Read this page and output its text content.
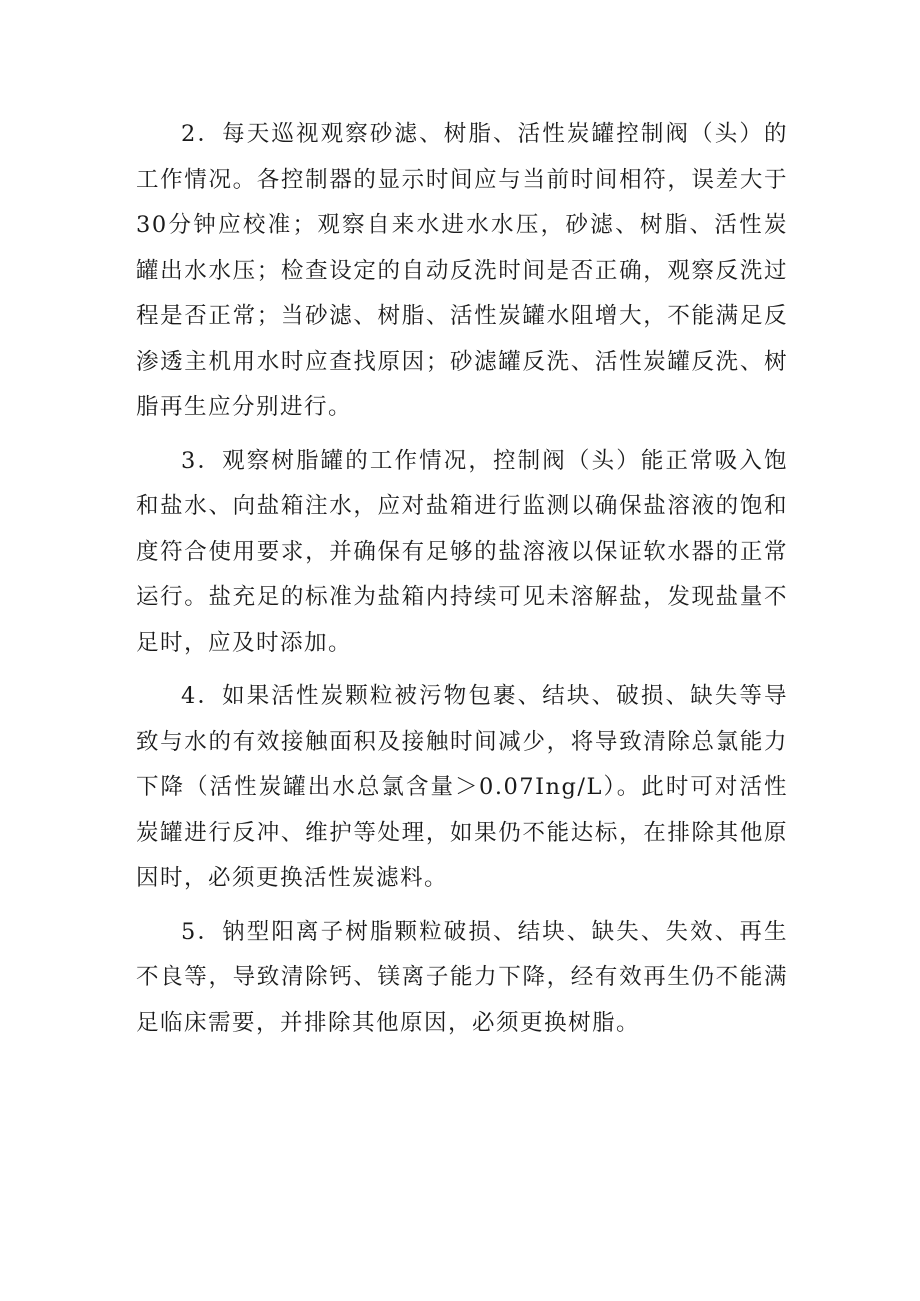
2．每天巡视观察砂滤、树脂、活性炭罐控制阀（头）的工作情况。各控制器的显示时间应与当前时间相符，误差大于30分钟应校准；观察自来水进水水压，砂滤、树脂、活性炭罐出水水压；检查设定的自动反洗时间是否正确，观察反洗过程是否正常；当砂滤、树脂、活性炭罐水阻增大，不能满足反渗透主机用水时应查找原因；砂滤罐反洗、活性炭罐反洗、树脂再生应分别进行。

3．观察树脂罐的工作情况，控制阀（头）能正常吸入饱和盐水、向盐箱注水，应对盐箱进行监测以确保盐溶液的饱和度符合使用要求，并确保有足够的盐溶液以保证软水器的正常运行。盐充足的标准为盐箱内持续可见未溶解盐，发现盐量不足时，应及时添加。

4．如果活性炭颗粒被污物包裹、结块、破损、缺失等导致与水的有效接触面积及接触时间减少，将导致清除总氯能力下降（活性炭罐出水总氯含量＞0.07Ing/L）。此时可对活性炭罐进行反冲、维护等处理，如果仍不能达标，在排除其他原因时，必须更换活性炭滤料。

5．钠型阳离子树脂颗粒破损、结块、缺失、失效、再生不良等，导致清除钙、镁离子能力下降，经有效再生仍不能满足临床需要，并排除其他原因，必须更换树脂。
